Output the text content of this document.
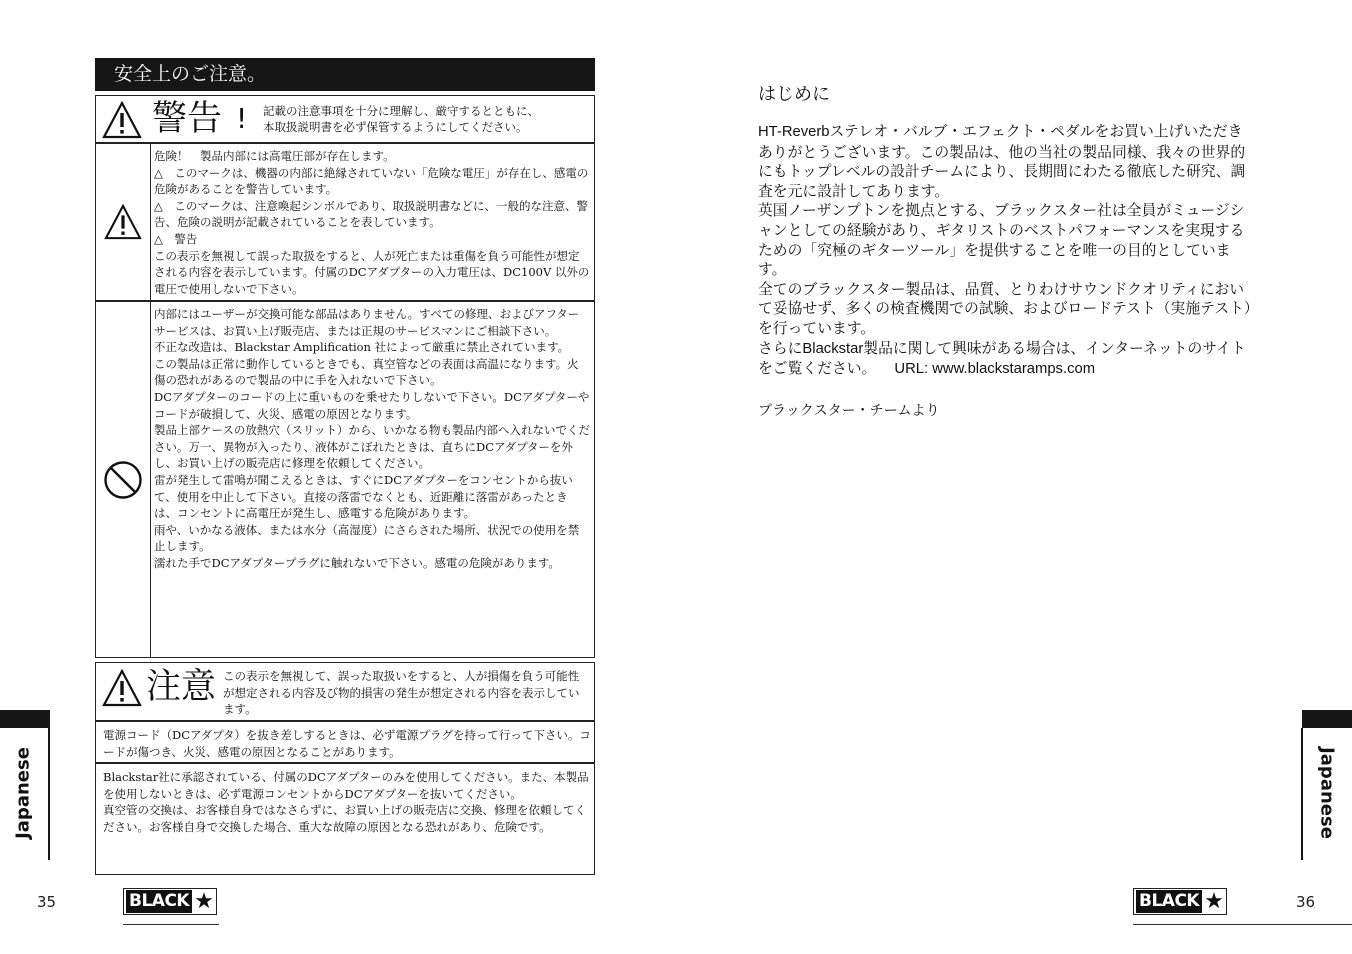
安全上のご注意。
警告 ! 記載の注意事項を十分に理解し、厳守するとともに、
本取扱説明書を必ず保管するようにしてください。

危険！　製品内部には高電圧部が存在します。

△　このマークは、機器の内部に絶縁されていない「危険な電圧」が存在し、感電の危険があることを警告しています。

△　このマークは、注意喚起シンボルであり、取扱説明書などに、一般的な注意、警告、危険の説明が記載されていることを表しています。

△　警告

この表示を無視して誤った取扱をすると、人が死亡または重傷を負う可能性が想定される内容を表示しています。付属のDCアダプターの入力電圧は、DC100V 以外の電圧で使用しないで下さい。

内部にはユーザーが交換可能な部品はありません。すべての修理、およびアフターサービスは、お買い上げ販売店、または正規のサービスマンにご相談下さい。

不正な改造は、Blackstar Amplification 社によって厳重に禁止されています。

この製品は正常に動作しているときでも、真空管などの表面は高温になります。火傷の恐れがあるので製品の中に手を入れないで下さい。

DCアダプターのコードの上に重いものを乗せたりしないで下さい。DCアダプターやコードが破損して、火災、感電の原因となります。

製品上部ケースの放熱穴（スリット）から、いかなる物も製品内部へ入れないでください。万一、異物が入ったり、液体がこぼれたときは、直ちにDCアダプターを外し、お買い上げの販売店に修理を依頼してください。

雷が発生して雷鳴が聞こえるときは、すぐにDCアダプターをコンセントから抜いて、使用を中止して下さい。直接の落雷でなくとも、近距離に落雷があったときは、コンセントに高電圧が発生し、感電する危険があります。

雨や、いかなる液体、または水分（高湿度）にさらされた場所、状況での使用を禁止します。

濡れた手でDCアダプタープラグに触れないで下さい。感電の危険があります。

注意 この表示を無視して、誤った取扱いをすると、人が損傷を負う可能性が想定される内容及び物的損害の発生が想定される内容を表示しています。
電源コード（DCアダプタ）を抜き差しするときは、必ず電源プラグを持って行って下さい。コードが傷つき、火災、感電の原因となることがあります。

Blackstar社に承認されている、付属のDCアダプターのみを使用してください。また、本製品を使用しないときは、必ず電源コンセントからDCアダプターを抜いてください。

真空管の交換は、お客様自身ではなさらずに、お買い上げの販売店に交換、修理を依頼してください。お客様自身で交換した場合、重大な故障の原因となる恐れがあり、危険です。

Japanese
35	BLACK ★
はじめに

HT-Reverbステレオ・バルブ・エフェクト・ペダルをお買い上げいただきありがとうございます。この製品は、他の当社の製品同様、我々の世界的にもトップレベルの設計チームにより、長期間にわたる徹底した研究、調査を元に設計してあります。

英国ノーザンプトンを拠点とする、ブラックスター社は全員がミュージシャンとしての経験があり、ギタリストのベストパフォーマンスを実現するための「究極のギターツール」を提供することを唯一の目的としています。

全てのブラックスター製品は、品質、とりわけサウンドクオリティにおいて妥協せず、多くの検査機関での試験、およびロードテスト（実施テスト）を行っています。

さらにBlackstar製品に関して興味がある場合は、インターネットのサイトをご覧ください。 URL: www.blackstaramps.com

ブラックスター・チームより
Japanese
BLACK ★	36
